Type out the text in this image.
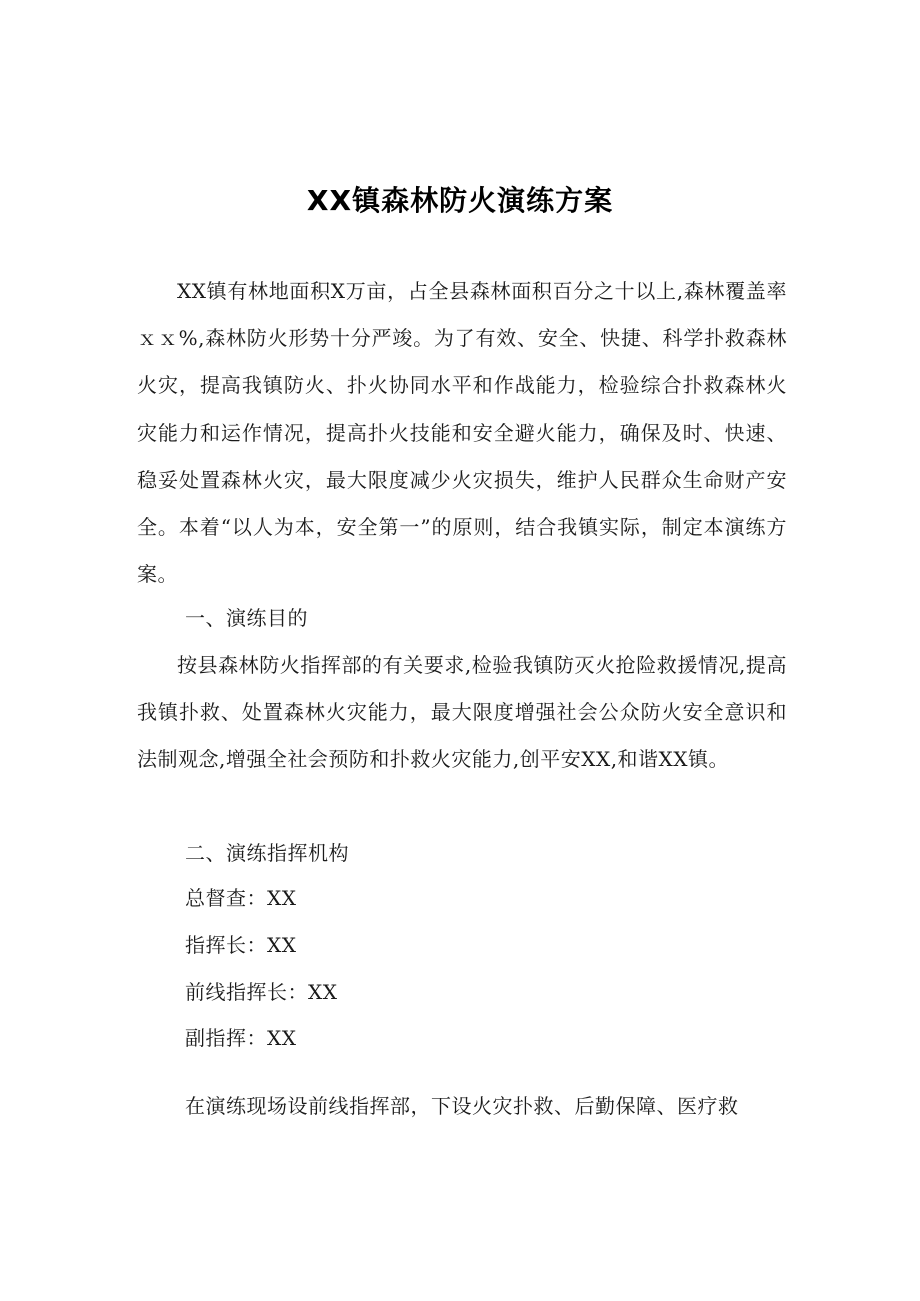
XX镇森林防火演练方案

XX镇有林地面积X万亩，占全县森林面积百分之十以上,森林覆盖率ｘｘ%,森林防火形势十分严竣。为了有效、安全、快捷、科学扑救森林火灾，提高我镇防火、扑火协同水平和作战能力，检验综合扑救森林火灾能力和运作情况，提高扑火技能和安全避火能力，确保及时、快速、稳妥处置森林火灾，最大限度减少火灾损失，维护人民群众生命财产安全。本着“以人为本，安全第一”的原则，结合我镇实际，制定本演练方案。

一、演练目的

按县森林防火指挥部的有关要求,检验我镇防灭火抢险救援情况,提高我镇扑救、处置森林火灾能力，最大限度增强社会公众防火安全意识和法制观念,增强全社会预防和扑救火灾能力,创平安XX,和谐XX镇。

二、演练指挥机构

总督查：XX

指挥长：XX

前线指挥长：XX

副指挥：XX

在演练现场设前线指挥部，下设火灾扑救、后勤保障、医疗救
